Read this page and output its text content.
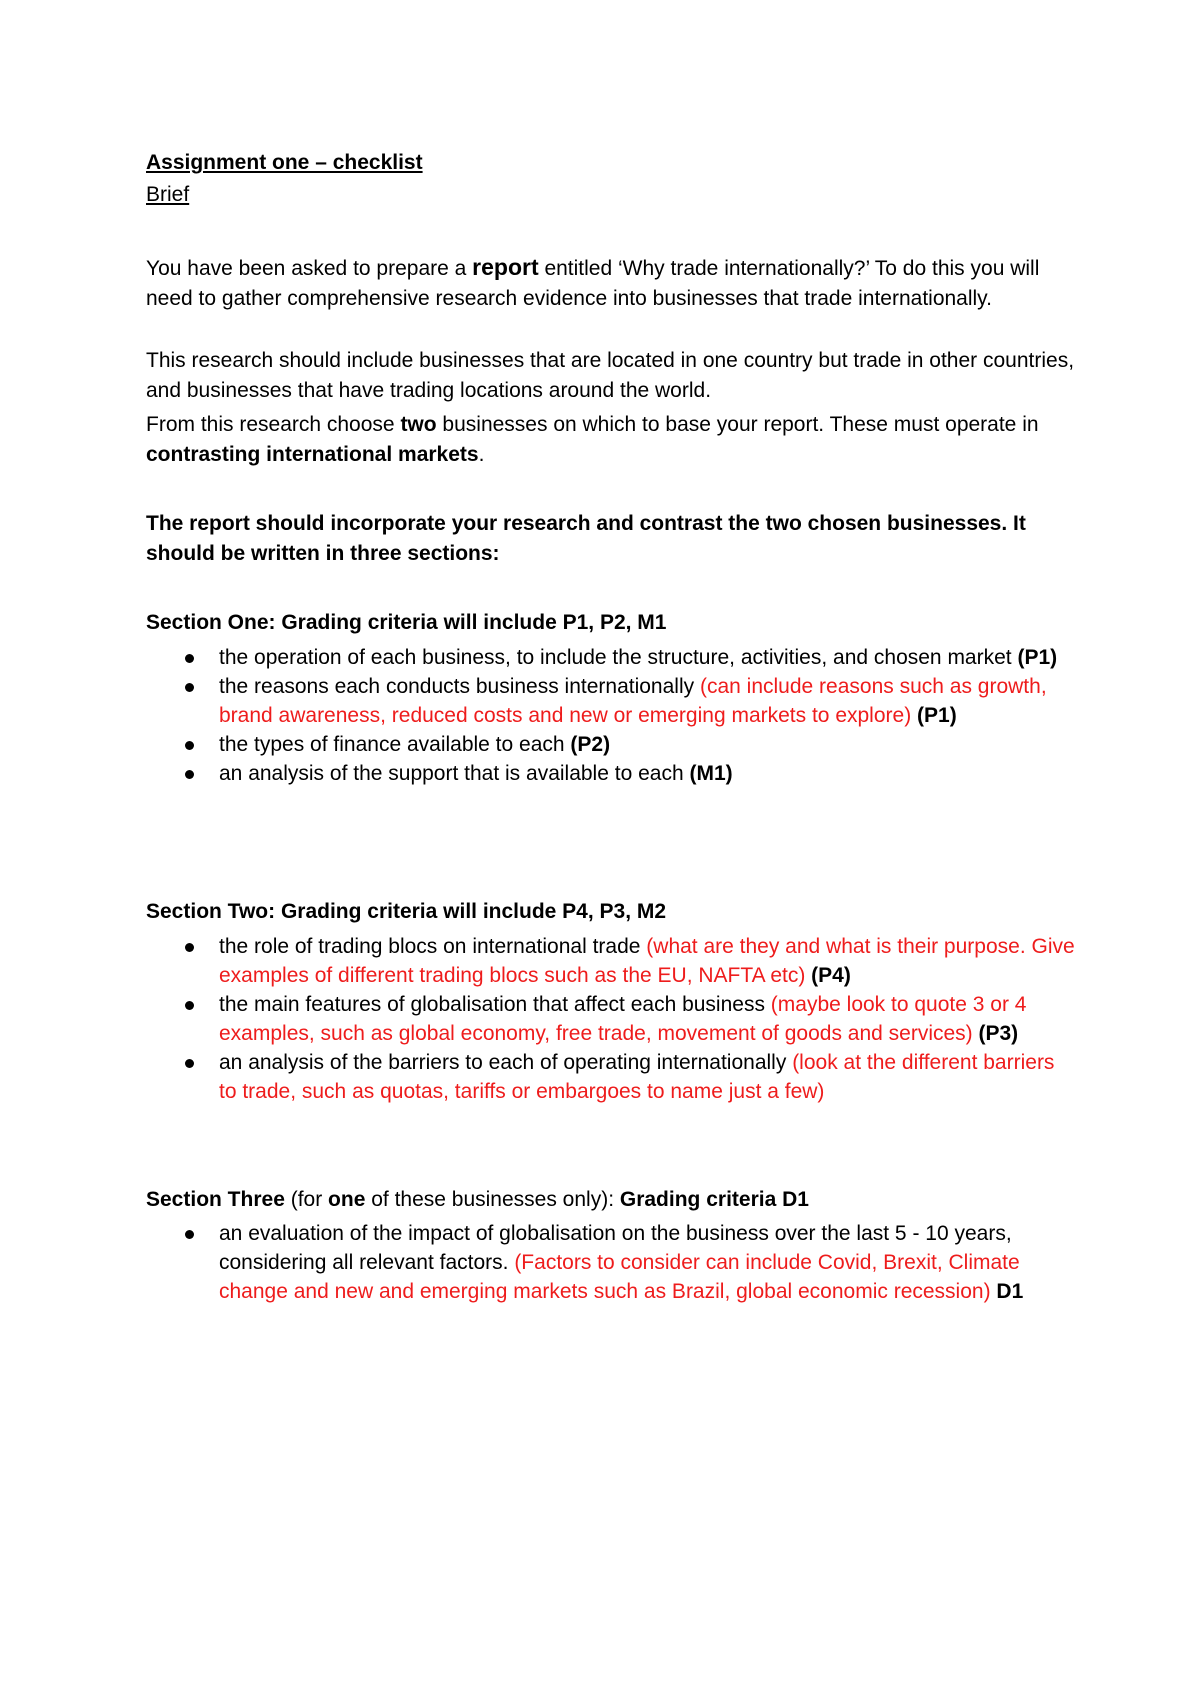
Assignment one – checklist

Brief

You have been asked to prepare a report entitled ‘Why trade internationally?’ To do this you will need to gather comprehensive research evidence into businesses that trade internationally.

This research should include businesses that are located in one country but trade in other countries, and businesses that have trading locations around the world.

From this research choose two businesses on which to base your report. These must operate in contrasting international markets.

The report should incorporate your research and contrast the two chosen businesses. It should be written in three sections:

Section One: Grading criteria will include P1, P2, M1

the operation of each business, to include the structure, activities, and chosen market (P1)
the reasons each conducts business internationally (can include reasons such as growth, brand awareness, reduced costs and new or emerging markets to explore) (P1)
the types of finance available to each (P2)
an analysis of the support that is available to each (M1)

Section Two: Grading criteria will include P4, P3, M2

the role of trading blocs on international trade (what are they and what is their purpose. Give examples of different trading blocs such as the EU, NAFTA etc) (P4)
the main features of globalisation that affect each business (maybe look to quote 3 or 4 examples, such as global economy, free trade, movement of goods and services) (P3)
an analysis of the barriers to each of operating internationally (look at the different barriers to trade, such as quotas, tariffs or embargoes to name just a few)

Section Three (for one of these businesses only): Grading criteria D1

an evaluation of the impact of globalisation on the business over the last 5 - 10 years, considering all relevant factors. (Factors to consider can include Covid, Brexit, Climate change and new and emerging markets such as Brazil, global economic recession) D1
